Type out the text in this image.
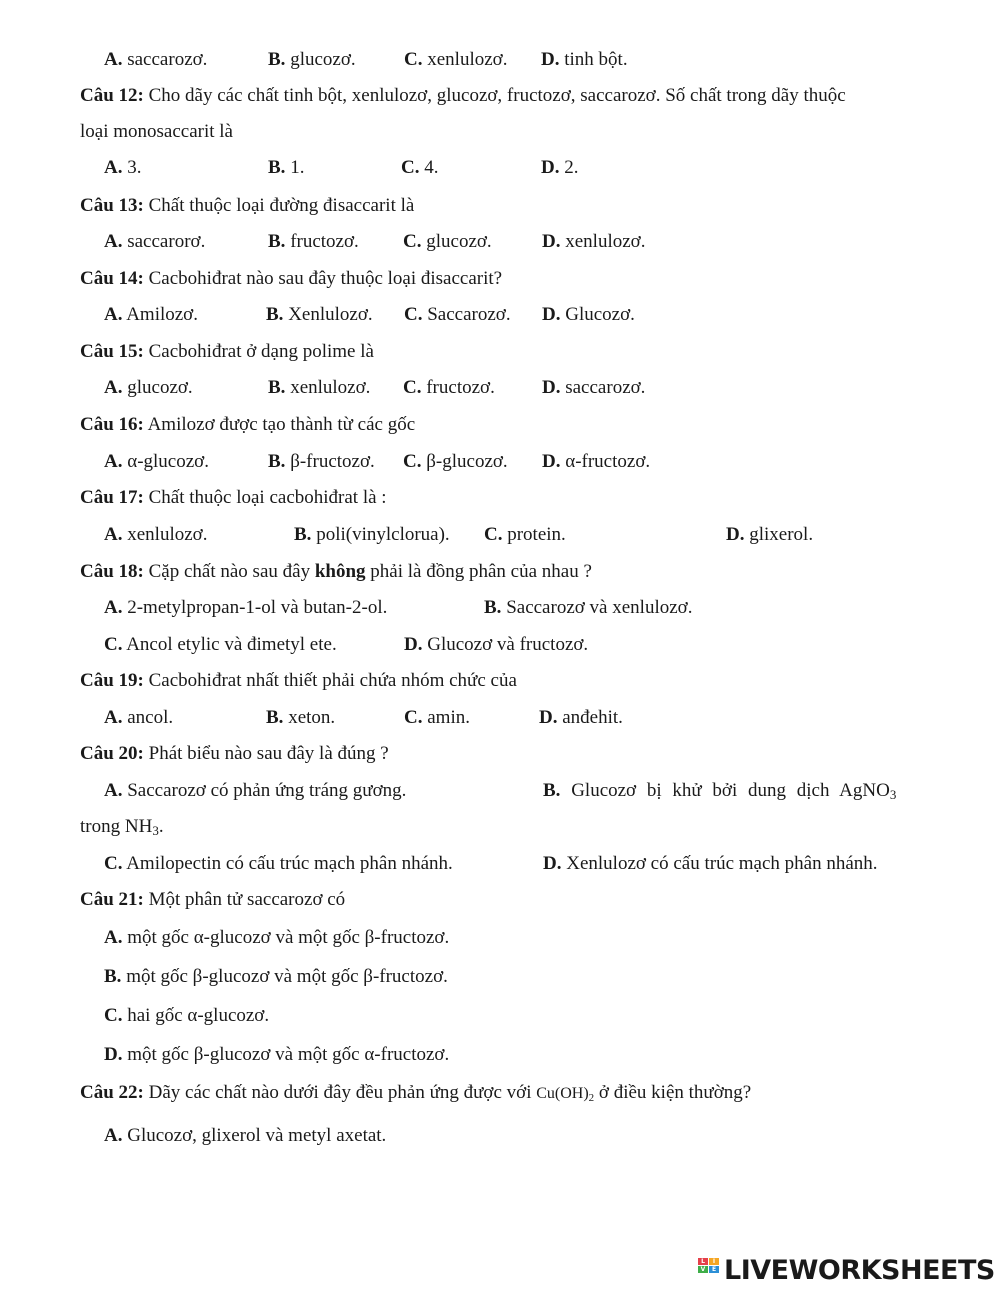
A. saccarozơ.	B. glucozơ.	C. xenlulozơ. D. tinh bột.
Câu 12: Cho dãy các chất tinh bột, xenlulozơ, glucozơ, fructozơ, saccarozơ. Số chất trong dãy thuộc
loại monosaccarit là
A. 3.	B. 1.	C. 4.	D. 2.
Câu 13: Chất thuộc loại đường đisaccarit là
A. saccarorơ.	B. fructozơ. C. glucozơ.	D. xenlulozơ.
Câu 14: Cacbohiđrat nào sau đây thuộc loại đisaccarit?
A. Amilozơ.	B. Xenlulozơ. C. Saccarozơ. D. Glucozơ.
Câu 15: Cacbohiđrat ở dạng polime là
A. glucozơ.	B. xenlulozơ. C. fructozơ. D. saccarozơ.
Câu 16: Amilozơ được tạo thành từ các gốc
A. α-glucozơ.	B. β-fructozơ. C. β-glucozơ. D. α-fructozơ.
Câu 17: Chất thuộc loại cacbohiđrat là :
A. xenlulozơ.	B. poli(vinylclorua). C. protein.	D. glixerol.
Câu 18: Cặp chất nào sau đây không phải là đồng phân của nhau ?
A. 2-metylpropan-1-ol và butan-2-ol.	B. Saccarozơ và xenlulozơ.
C. Ancol etylic và đimetyl ete.	D. Glucozơ và fructozơ.
Câu 19: Cacbohiđrat nhất thiết phải chứa nhóm chức của
A. ancol.	B. xeton.	C. amin.	D. anđehit.
Câu 20: Phát biểu nào sau đây là đúng ?
A. Saccarozơ có phản ứng tráng gương.	B. Glucozơ bị khử bởi dung dịch AgNO$_3$
trong $NH_3$.
C. Amilopectin có cấu trúc mạch phân nhánh.	D. Xenlulozơ có cấu trúc mạch phân nhánh.
Câu 21: Một phân tử saccarozơ có
A. một gốc α-glucozơ và một gốc β-fructozơ.
B. một gốc β-glucozơ và một gốc β-fructozơ.
C. hai gốc α-glucozơ.
D. một gốc β-glucozơ và một gốc α-fructozơ.
Câu 22: Dãy các chất nào dưới đây đều phản ứng được với $Cu(OH)_2$ ở điều kiện thường?
A. Glucozơ, glixerol và metyl axetat.
L	I
V	E LIVEWORKSHEETS
